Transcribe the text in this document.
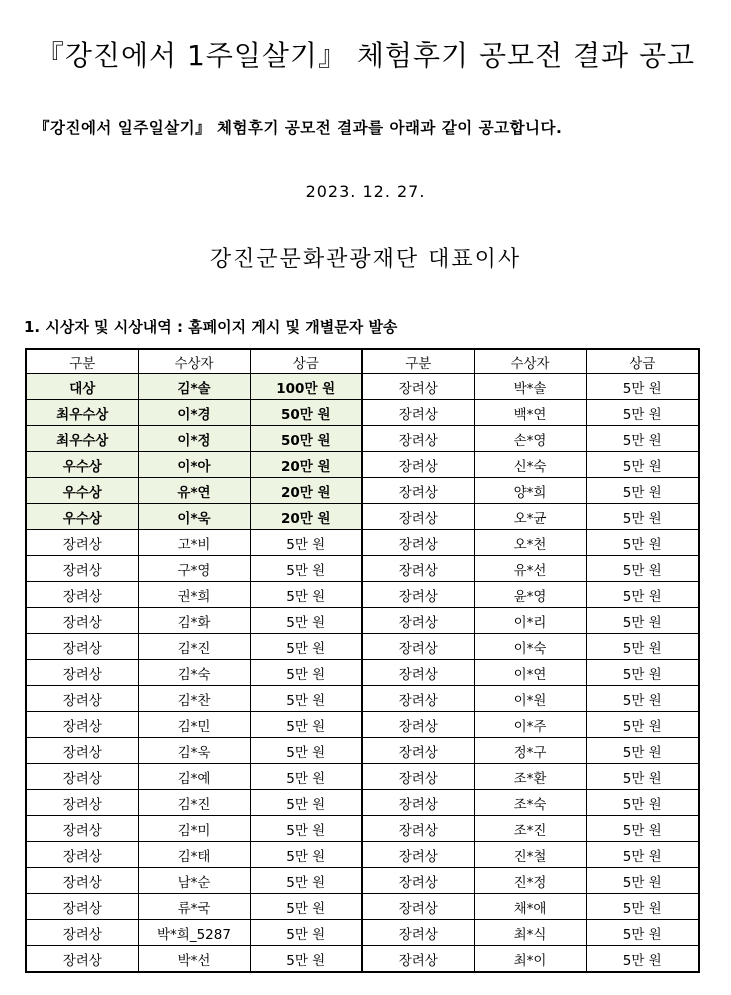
『강진에서 1주일살기』 체험후기 공모전 결과 공고
『강진에서 일주일살기』 체험후기 공모전 결과를 아래과 같이 공고합니다.
2023. 12. 27.
강진군문화관광재단 대표이사
1. 시상자 및 시상내역 : 홈페이지 게시 및 개별문자 발송
구분	수상자	상금	구분	수상자	상금
대상	김*솔	100만 원	장려상	박*솔	5만 원
최우수상	이*경	50만 원	장려상	백*연	5만 원
최우수상	이*정	50만 원	장려상	손*영	5만 원
우수상	이*아	20만 원	장려상	신*숙	5만 원
우수상	유*연	20만 원	장려상	양*희	5만 원
우수상	이*욱	20만 원	장려상	오*균	5만 원
장려상	고*비	5만 원	장려상	오*천	5만 원
장려상	구*영	5만 원	장려상	유*선	5만 원
장려상	권*희	5만 원	장려상	윤*영	5만 원
장려상	김*화	5만 원	장려상	이*리	5만 원
장려상	김*진	5만 원	장려상	이*숙	5만 원
장려상	김*숙	5만 원	장려상	이*연	5만 원
장려상	김*찬	5만 원	장려상	이*원	5만 원
장려상	김*민	5만 원	장려상	이*주	5만 원
장려상	김*욱	5만 원	장려상	정*구	5만 원
장려상	김*예	5만 원	장려상	조*환	5만 원
장려상	김*진	5만 원	장려상	조*숙	5만 원
장려상	김*미	5만 원	장려상	조*진	5만 원
장려상	김*태	5만 원	장려상	진*철	5만 원
장려상	남*순	5만 원	장려상	진*정	5만 원
장려상	류*국	5만 원	장려상	채*애	5만 원
장려상	박*희_5287	5만 원	장려상	최*식	5만 원
장려상	박*선	5만 원	장려상	최*이	5만 원
